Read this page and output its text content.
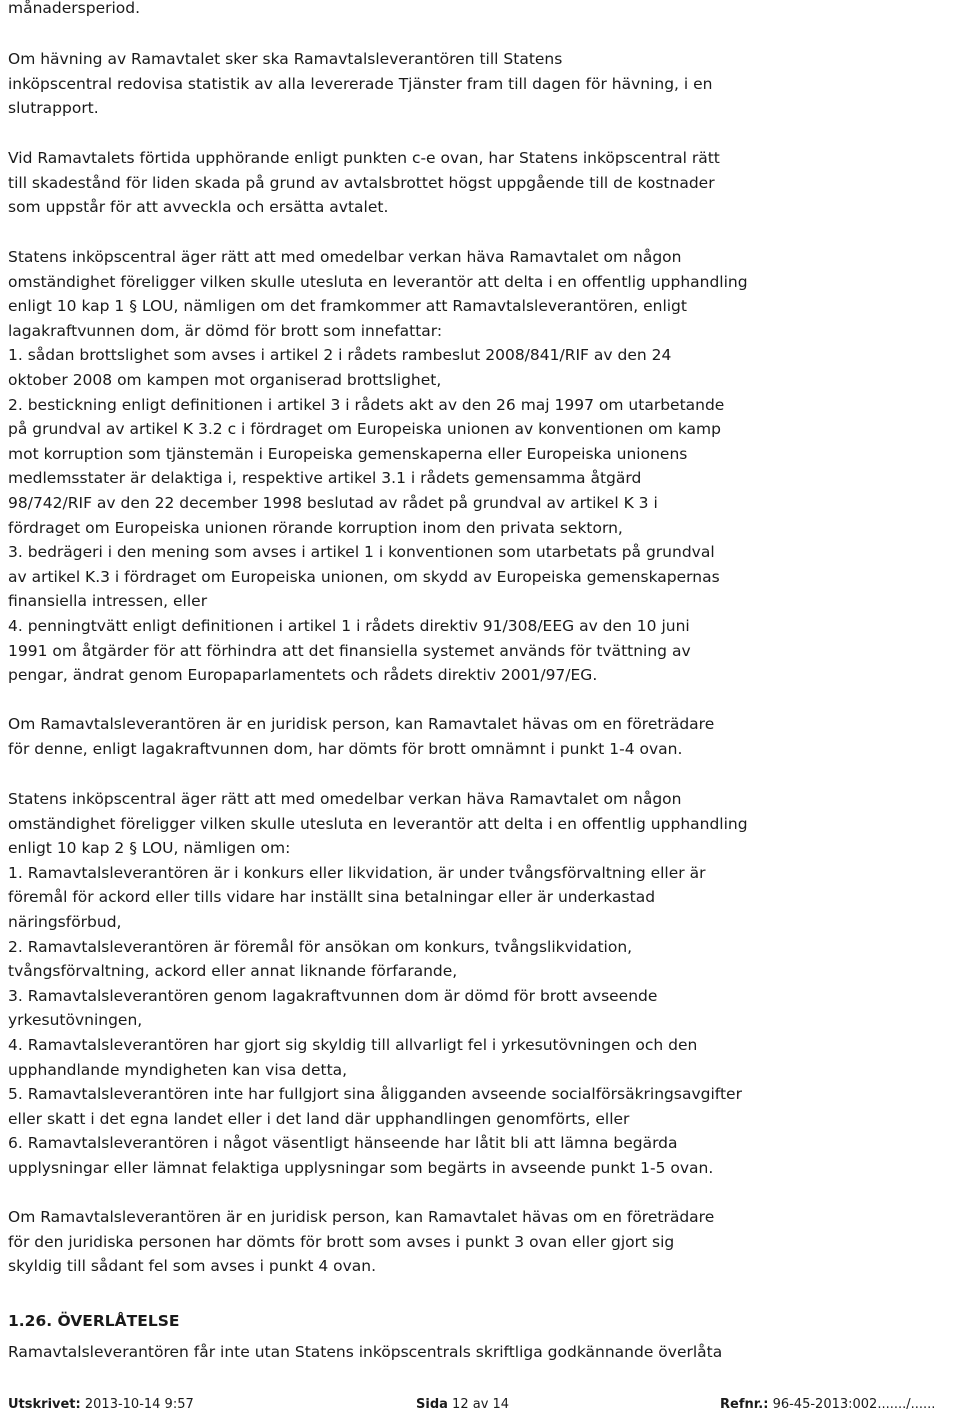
månadersperiod.
Om hävning av Ramavtalet sker ska Ramavtalsleverantören till Statens
inköpscentral redovisa statistik av alla levererade Tjänster fram till dagen för hävning, i en
slutrapport.
Vid Ramavtalets förtida upphörande enligt punkten c-e ovan, har Statens inköpscentral rätt
till skadestånd för liden skada på grund av avtalsbrottet högst uppgående till de kostnader
som uppstår för att avveckla och ersätta avtalet.
Statens inköpscentral äger rätt att med omedelbar verkan häva Ramavtalet om någon
omständighet föreligger vilken skulle utesluta en leverantör att delta i en offentlig upphandling
enligt 10 kap 1 § LOU, nämligen om det framkommer att Ramavtalsleverantören, enligt
lagakraftvunnen dom, är dömd för brott som innefattar:
1. sådan brottslighet som avses i artikel 2 i rådets rambeslut 2008/841/RIF av den 24
oktober 2008 om kampen mot organiserad brottslighet,
2. bestickning enligt definitionen i artikel 3 i rådets akt av den 26 maj 1997 om utarbetande
på grundval av artikel K 3.2 c i fördraget om Europeiska unionen av konventionen om kamp
mot korruption som tjänstemän i Europeiska gemenskaperna eller Europeiska unionens
medlemsstater är delaktiga i, respektive artikel 3.1 i rådets gemensamma åtgärd
98/742/RIF av den 22 december 1998 beslutad av rådet på grundval av artikel K 3 i
fördraget om Europeiska unionen rörande korruption inom den privata sektorn,
3. bedrägeri i den mening som avses i artikel 1 i konventionen som utarbetats på grundval
av artikel K.3 i fördraget om Europeiska unionen, om skydd av Europeiska gemenskapernas
finansiella intressen, eller
4. penningtvätt enligt definitionen i artikel 1 i rådets direktiv 91/308/EEG av den 10 juni
1991 om åtgärder för att förhindra att det finansiella systemet används för tvättning av
pengar, ändrat genom Europaparlamentets och rådets direktiv 2001/97/EG.
Om Ramavtalsleverantören är en juridisk person, kan Ramavtalet hävas om en företrädare
för denne, enligt lagakraftvunnen dom, har dömts för brott omnämnt i punkt 1-4 ovan.
Statens inköpscentral äger rätt att med omedelbar verkan häva Ramavtalet om någon
omständighet föreligger vilken skulle utesluta en leverantör att delta i en offentlig upphandling
enligt 10 kap 2 § LOU, nämligen om:
1. Ramavtalsleverantören är i konkurs eller likvidation, är under tvångsförvaltning eller är
föremål för ackord eller tills vidare har inställt sina betalningar eller är underkastad
näringsförbud,
2. Ramavtalsleverantören är föremål för ansökan om konkurs, tvångslikvidation,
tvångsförvaltning, ackord eller annat liknande förfarande,
3. Ramavtalsleverantören genom lagakraftvunnen dom är dömd för brott avseende
yrkesutövningen,
4. Ramavtalsleverantören har gjort sig skyldig till allvarligt fel i yrkesutövningen och den
upphandlande myndigheten kan visa detta,
5. Ramavtalsleverantören inte har fullgjort sina åligganden avseende socialförsäkringsavgifter
eller skatt i det egna landet eller i det land där upphandlingen genomförts, eller
6. Ramavtalsleverantören i något väsentligt hänseende har låtit bli att lämna begärda
upplysningar eller lämnat felaktiga upplysningar som begärts in avseende punkt 1-5 ovan.
Om Ramavtalsleverantören är en juridisk person, kan Ramavtalet hävas om en företrädare
för den juridiska personen har dömts för brott som avses i punkt 3 ovan eller gjort sig
skyldig till sådant fel som avses i punkt 4 ovan.
1.26. ÖVERLÅTELSE
Ramavtalsleverantören får inte utan Statens inköpscentrals skriftliga godkännande överlåta
Utskrivet: 2013-10-14 9:57	Sida 12 av 14	Refnr.: 96-45-2013:002......./......
